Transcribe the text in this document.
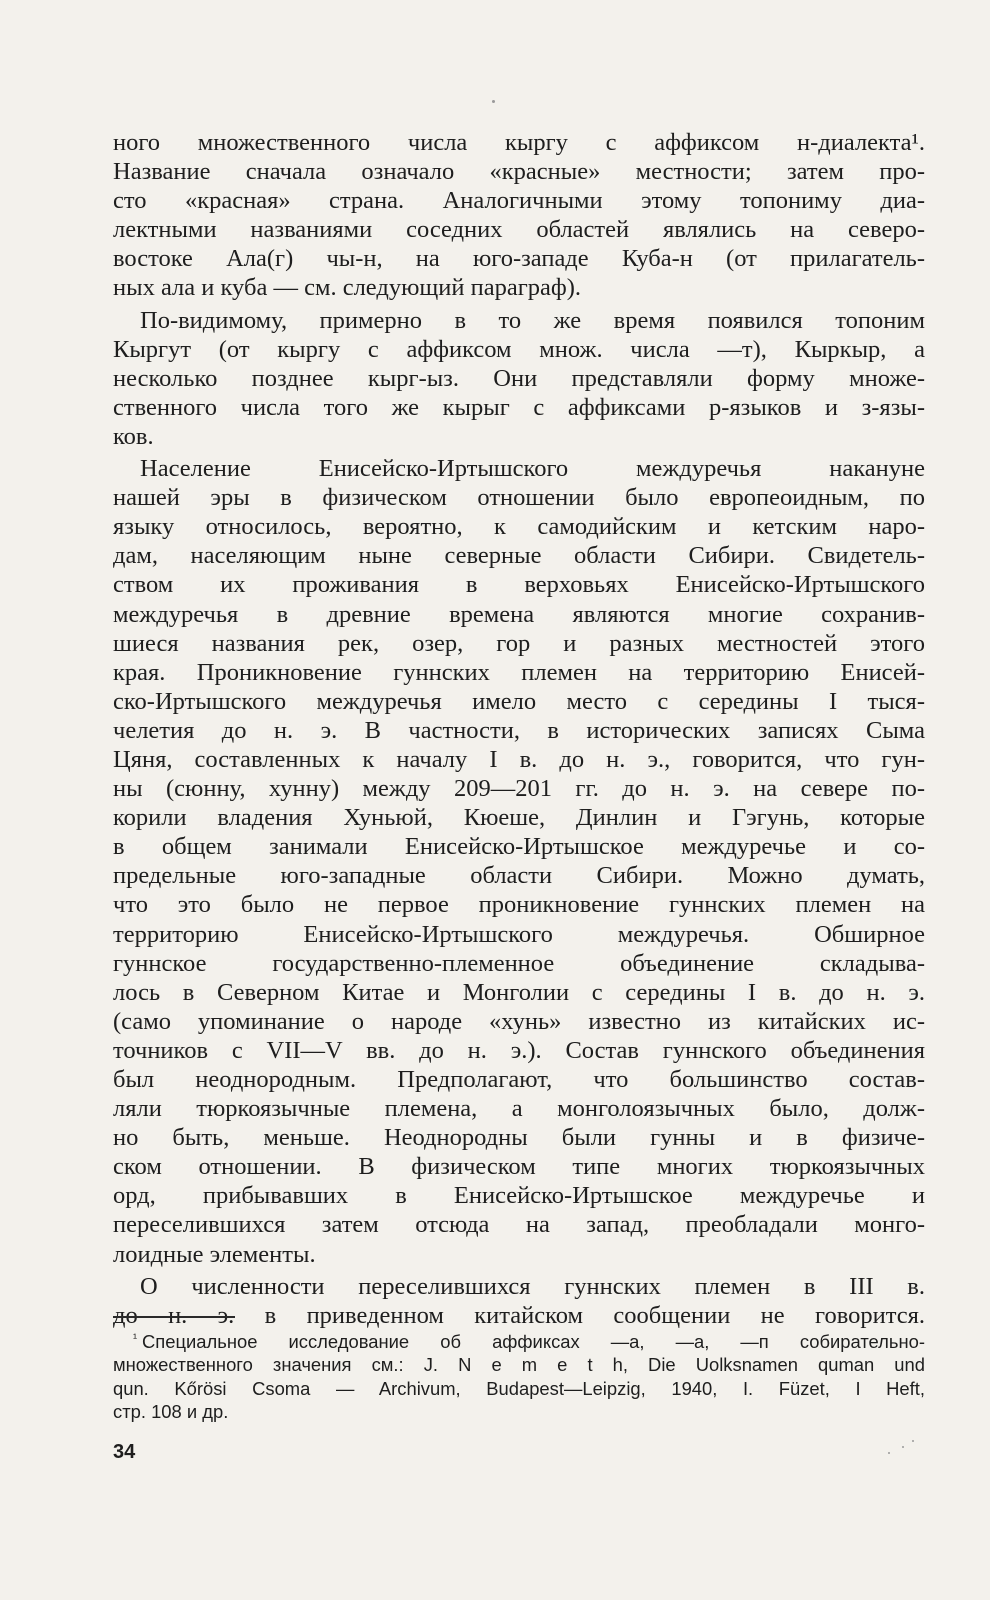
ного множественного числа кыргу с аффиксом н-диалекта¹.
Название сначала означало «красные» местности; затем про-
сто «красная» страна. Аналогичными этому топониму диа-
лектными названиями соседних областей являлись на северо-
востоке Ала(г) чы-н, на юго-западе Куба-н (от прилагатель-
ных ала и куба — см. следующий параграф).
По-видимому, примерно в то же время появился топоним
Кыргут (от кыргу с аффиксом множ. числа —т), Кыркыр, а
несколько позднее кырг-ыз. Они представляли форму множе-
ственного числа того же кырыг с аффиксами р-языков и з-язы-
ков.
Население Енисейско-Иртышского междуречья накануне
нашей эры в физическом отношении было европеоидным, по
языку относилось, вероятно, к самодийским и кетским наро-
дам, населяющим ныне северные области Сибири. Свидетель-
ством их проживания в верховьях Енисейско-Иртышского
междуречья в древние времена являются многие сохранив-
шиеся названия рек, озер, гор и разных местностей этого
края. Проникновение гуннских племен на территорию Енисей-
ско-Иртышского междуречья имело место с середины I тыся-
челетия до н. э. В частности, в исторических записях Сыма
Цяня, составленных к началу I в. до н. э., говорится, что гун-
ны (сюнну, хунну) между 209—201 гг. до н. э. на севере по-
корили владения Хуньюй, Кюеше, Динлин и Гэгунь, которые
в общем занимали Енисейско-Иртышское междуречье и со-
предельные юго-западные области Сибири. Можно думать,
что это было не первое проникновение гуннских племен на
территорию Енисейско-Иртышского междуречья. Обширное
гуннское государственно-племенное объединение складыва-
лось в Северном Китае и Монголии с середины I в. до н. э.
(само упоминание о народе «хунь» известно из китайских ис-
точников с VII—V вв. до н. э.). Состав гуннского объединения
был неоднородным. Предполагают, что большинство состав-
ляли тюркоязычные племена, а монголоязычных было, долж-
но быть, меньше. Неоднородны были гунны и в физиче-
ском отношении. В физическом типе многих тюркоязычных
орд, прибывавших в Енисейско-Иртышское междуречье и
переселившихся затем отсюда на запад, преобладали монго-
лоидные элементы.
О численности переселившихся гуннских племен в III в.
до н. э. в приведенном китайском сообщении не говорится.
$^{^1}$ Специальное исследование об аффиксах —а, —а, —п собирательно-
множественного значения см.: J. N e m e t h, Die Uolksnamen quman und
qun. Kőrösi Csoma — Archivum, Budapest—Leipzig, 1940, I. Füzet, I Heft,
стр. 108 и др.
34
